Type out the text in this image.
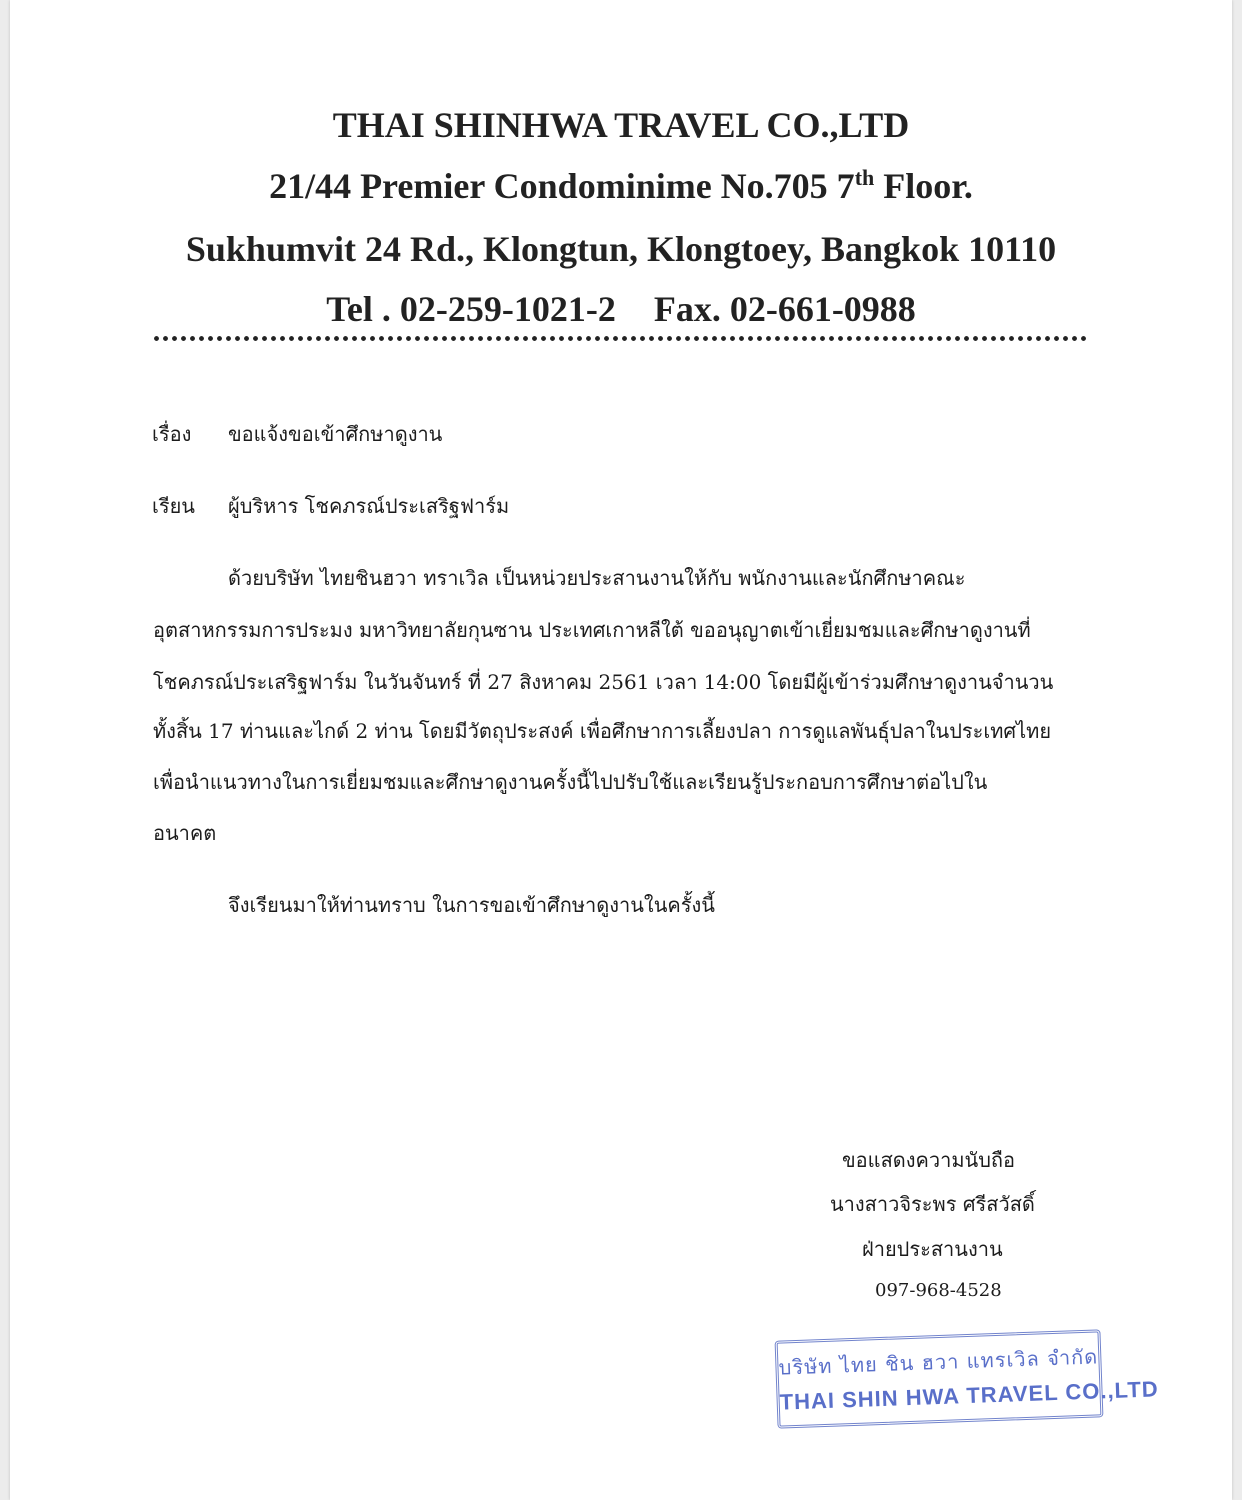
THAI SHINHWA TRAVEL CO.,LTD
21/44 Premier Condominime No.705 7th Floor.
Sukhumvit 24 Rd., Klongtun, Klongtoey, Bangkok 10110
Tel . 02-259-1021-2 Fax. 02-661-0988
เรื่อง ขอแจ้งขอเข้าศึกษาดูงาน
เรียน ผู้บริหาร โชคภรณ์ประเสริฐฟาร์ม
ด้วยบริษัท ไทยชินฮวา ทราเวิล เป็นหน่วยประสานงานให้กับ พนักงานและนักศึกษาคณะ
อุตสาหกรรมการประมง มหาวิทยาลัยกุนซาน ประเทศเกาหลีใต้ ขออนุญาตเข้าเยี่ยมชมและศึกษาดูงานที่
โชคภรณ์ประเสริฐฟาร์ม ในวันจันทร์ ที่ 27 สิงหาคม 2561 เวลา 14:00 โดยมีผู้เข้าร่วมศึกษาดูงานจำนวน
ทั้งสิ้น 17 ท่านและไกด์ 2 ท่าน โดยมีวัตถุประสงค์ เพื่อศึกษาการเลี้ยงปลา การดูแลพันธุ์ปลาในประเทศไทย
เพื่อนำแนวทางในการเยี่ยมชมและศึกษาดูงานครั้งนี้ไปปรับใช้และเรียนรู้ประกอบการศึกษาต่อไปใน
อนาคต
จึงเรียนมาให้ท่านทราบ ในการขอเข้าศึกษาดูงานในครั้งนี้
ขอแสดงความนับถือ
นางสาวจิระพร ศรีสวัสดิ์
ฝ่ายประสานงาน
097-968-4528
บริษัท ไทย ชิน ฮวา แทรเวิล จำกัด
THAI SHIN HWA TRAVEL CO.,LTD
